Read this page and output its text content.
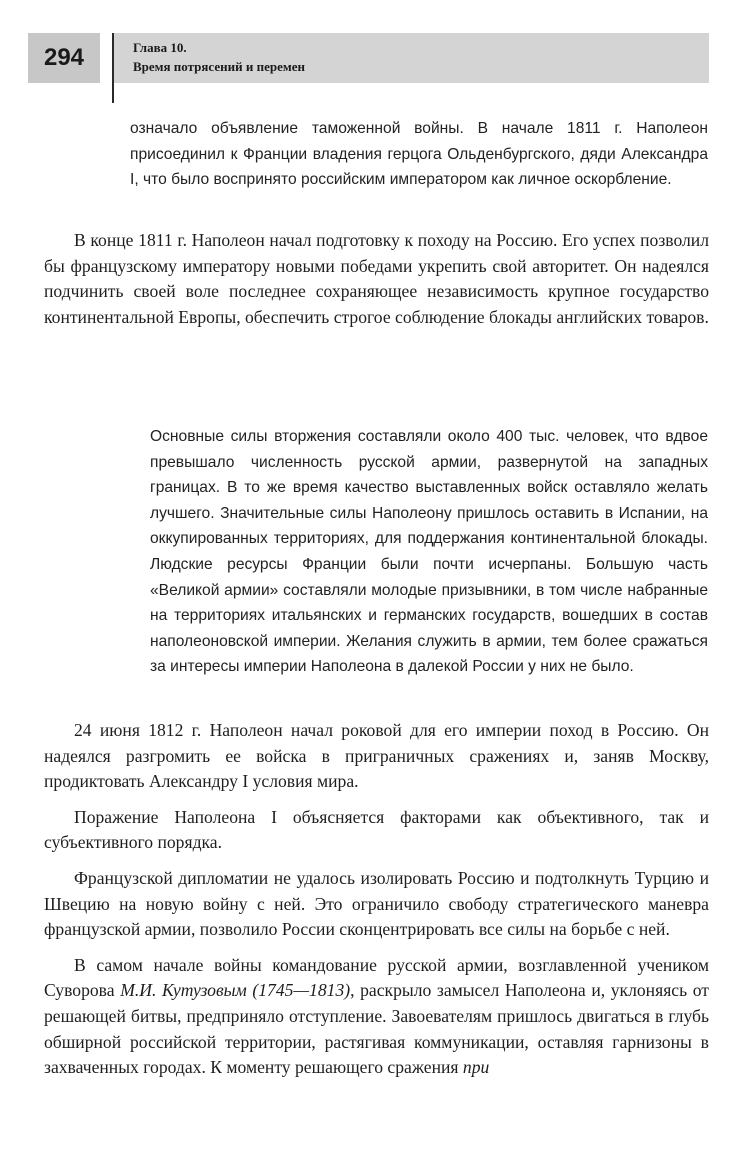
294	Глава 10.
Время потрясений и перемен

означало объявление таможенной войны. В начале 1811 г. Наполеон присоединил к Франции владения герцога Ольденбургского, дяди Александра I, что было воспринято российским императором как личное оскорбление.

В конце 1811 г. Наполеон начал подготовку к походу на Россию. Его успех позволил бы французскому императору новыми победами укрепить свой авторитет. Он надеялся подчинить своей воле последнее сохраняющее независимость крупное государство континентальной Европы, обеспечить строгое соблюдение блокады английских товаров.

Основные силы вторжения составляли около 400 тыс. человек, что вдвое превышало численность русской армии, развернутой на западных границах. В то же время качество выставленных войск оставляло желать лучшего. Значительные силы Наполеону пришлось оставить в Испании, на оккупированных территориях, для поддержания континентальной блокады. Людские ресурсы Франции были почти исчерпаны. Большую часть «Великой армии» составляли молодые призывники, в том числе набранные на территориях итальянских и германских государств, вошедших в состав наполеоновской империи. Желания служить в армии, тем более сражаться за интересы империи Наполеона в далекой России у них не было.

24 июня 1812 г. Наполеон начал роковой для его империи поход в Россию. Он надеялся разгромить ее войска в приграничных сражениях и, заняв Москву, продиктовать Александру I условия мира.

Поражение Наполеона I объясняется факторами как объективного, так и субъективного порядка.

Французской дипломатии не удалось изолировать Россию и подтолкнуть Турцию и Швецию на новую войну с ней. Это ограничило свободу стратегического маневра французской армии, позволило России сконцентрировать все силы на борьбе с ней.

В самом начале войны командование русской армии, возглавленной учеником Суворова М.И. Кутузовым (1745—1813), раскрыло замысел Наполеона и, уклоняясь от решающей битвы, предприняло отступление. Завоевателям пришлось двигаться в глубь обширной российской территории, растягивая коммуникации, оставляя гарнизоны в захваченных городах. К моменту решающего сражения при
